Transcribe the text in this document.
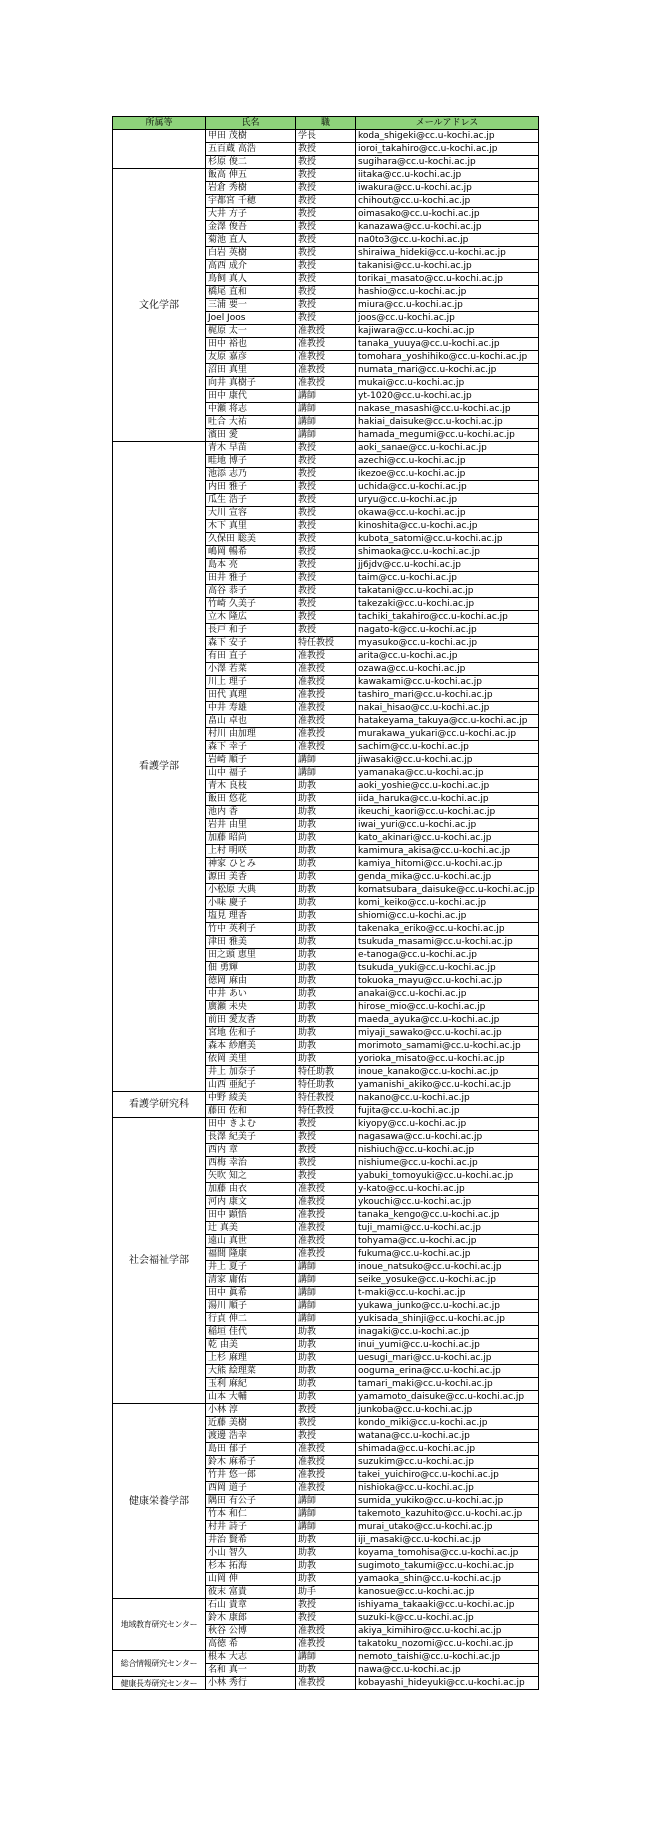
所属等	氏名	職	メールアドレス
	甲田 茂樹	学長	koda_shigeki@cc.u-kochi.ac.jp
	五百蔵 高浩	教授	ioroi_takahiro@cc.u-kochi.ac.jp
	杉原 俊二	教授	sugihara@cc.u-kochi.ac.jp
文化学部	飯高 伸五	教授	iitaka@cc.u-kochi.ac.jp
	岩倉 秀樹	教授	iwakura@cc.u-kochi.ac.jp
	宇都宮 千穂	教授	chihout@cc.u-kochi.ac.jp
	大井 方子	教授	oimasako@cc.u-kochi.ac.jp
	金澤 俊吾	教授	kanazawa@cc.u-kochi.ac.jp
	菊池 直人	教授	na0to3@cc.u-kochi.ac.jp
	白岩 英樹	教授	shiraiwa_hideki@cc.u-kochi.ac.jp
	高西 成介	教授	takanisi@cc.u-kochi.ac.jp
	鳥飼 真人	教授	torikai_masato@cc.u-kochi.ac.jp
	橋尾 直和	教授	hashio@cc.u-kochi.ac.jp
	三浦 要一	教授	miura@cc.u-kochi.ac.jp
	Joel Joos	教授	joos@cc.u-kochi.ac.jp
	梶原 太一	准教授	kajiwara@cc.u-kochi.ac.jp
	田中 裕也	准教授	tanaka_yuuya@cc.u-kochi.ac.jp
	友原 嘉彦	准教授	tomohara_yoshihiko@cc.u-kochi.ac.jp
	沼田 真里	准教授	numata_mari@cc.u-kochi.ac.jp
	向井 真樹子	准教授	mukai@cc.u-kochi.ac.jp
	田中 康代	講師	yt-1020@cc.u-kochi.ac.jp
	中瀬 将志	講師	nakase_masashi@cc.u-kochi.ac.jp
	吐合 大祐	講師	hakiai_daisuke@cc.u-kochi.ac.jp
	濱田 愛	講師	hamada_megumi@cc.u-kochi.ac.jp
看護学部	青木 早苗	教授	aoki_sanae@cc.u-kochi.ac.jp
	畦地 博子	教授	azechi@cc.u-kochi.ac.jp
	池添 志乃	教授	ikezoe@cc.u-kochi.ac.jp
	内田 雅子	教授	uchida@cc.u-kochi.ac.jp
	瓜生 浩子	教授	uryu@cc.u-kochi.ac.jp
	大川 宣容	教授	okawa@cc.u-kochi.ac.jp
	木下 真里	教授	kinoshita@cc.u-kochi.ac.jp
	久保田 聡美	教授	kubota_satomi@cc.u-kochi.ac.jp
	嶋岡 暢希	教授	shimaoka@cc.u-kochi.ac.jp
	島本 亮	教授	jj6jdv@cc.u-kochi.ac.jp
	田井 雅子	教授	taim@cc.u-kochi.ac.jp
	高谷 恭子	教授	takatani@cc.u-kochi.ac.jp
	竹崎 久美子	教授	takezaki@cc.u-kochi.ac.jp
	立木 隆広	教授	tachiki_takahiro@cc.u-kochi.ac.jp
	長戸 和子	教授	nagato-k@cc.u-kochi.ac.jp
	森下 安子	特任教授	myasuko@cc.u-kochi.ac.jp
	有田 直子	准教授	arita@cc.u-kochi.ac.jp
	小澤 若菜	准教授	ozawa@cc.u-kochi.ac.jp
	川上 理子	准教授	kawakami@cc.u-kochi.ac.jp
	田代 真理	准教授	tashiro_mari@cc.u-kochi.ac.jp
	中井 寿雄	准教授	nakai_hisao@cc.u-kochi.ac.jp
	畠山 卓也	准教授	hatakeyama_takuya@cc.u-kochi.ac.jp
	村川 由加理	准教授	murakawa_yukari@cc.u-kochi.ac.jp
	森下 幸子	准教授	sachim@cc.u-kochi.ac.jp
	岩崎 順子	講師	jiwasaki@cc.u-kochi.ac.jp
	山中 福子	講師	yamanaka@cc.u-kochi.ac.jp
	青木 良枝	助教	aoki_yoshie@cc.u-kochi.ac.jp
	飯田 悠花	助教	iida_haruka@cc.u-kochi.ac.jp
	池内 香	助教	ikeuchi_kaori@cc.u-kochi.ac.jp
	岩井 由里	助教	iwai_yuri@cc.u-kochi.ac.jp
	加藤 昭尚	助教	kato_akinari@cc.u-kochi.ac.jp
	上村 明咲	助教	kamimura_akisa@cc.u-kochi.ac.jp
	神家 ひとみ	助教	kamiya_hitomi@cc.u-kochi.ac.jp
	源田 美香	助教	genda_mika@cc.u-kochi.ac.jp
	小松原 大典	助教	komatsubara_daisuke@cc.u-kochi.ac.jp
	小味 慶子	助教	komi_keiko@cc.u-kochi.ac.jp
	塩見 理香	助教	shiomi@cc.u-kochi.ac.jp
	竹中 英利子	助教	takenaka_eriko@cc.u-kochi.ac.jp
	津田 雅美	助教	tsukuda_masami@cc.u-kochi.ac.jp
	田之頭 恵里	助教	e-tanoga@cc.u-kochi.ac.jp
	佃 勇輝	助教	tsukuda_yuki@cc.u-kochi.ac.jp
	徳岡 麻由	助教	tokuoka_mayu@cc.u-kochi.ac.jp
	中井 あい	助教	anakai@cc.u-kochi.ac.jp
	廣瀬 未央	助教	hirose_mio@cc.u-kochi.ac.jp
	前田 愛友香	助教	maeda_ayuka@cc.u-kochi.ac.jp
	宮地 佐和子	助教	miyaji_sawako@cc.u-kochi.ac.jp
	森本 紗磨美	助教	morimoto_samami@cc.u-kochi.ac.jp
	依岡 美里	助教	yorioka_misato@cc.u-kochi.ac.jp
	井上 加奈子	特任助教	inoue_kanako@cc.u-kochi.ac.jp
	山西 亜紀子	特任助教	yamanishi_akiko@cc.u-kochi.ac.jp
看護学研究科	中野 綾美	特任教授	nakano@cc.u-kochi.ac.jp
	藤田 佐和	特任教授	fujita@cc.u-kochi.ac.jp
社会福祉学部	田中 きよむ	教授	kiyopy@cc.u-kochi.ac.jp
	長澤 紀美子	教授	nagasawa@cc.u-kochi.ac.jp
	西内 章	教授	nishiuch@cc.u-kochi.ac.jp
	西梅 幸治	教授	nishiume@cc.u-kochi.ac.jp
	矢吹 知之	教授	yabuki_tomoyuki@cc.u-kochi.ac.jp
	加藤 由衣	准教授	y-kato@cc.u-kochi.ac.jp
	河内 康文	准教授	ykouchi@cc.u-kochi.ac.jp
	田中 顕悟	准教授	tanaka_kengo@cc.u-kochi.ac.jp
	辻 真美	准教授	tuji_mami@cc.u-kochi.ac.jp
	遠山 真世	准教授	tohyama@cc.u-kochi.ac.jp
	福間 隆康	准教授	fukuma@cc.u-kochi.ac.jp
	井上 夏子	講師	inoue_natsuko@cc.u-kochi.ac.jp
	清家 庸佑	講師	seike_yosuke@cc.u-kochi.ac.jp
	田中 眞希	講師	t-maki@cc.u-kochi.ac.jp
	湯川 順子	講師	yukawa_junko@cc.u-kochi.ac.jp
	行貞 伸二	講師	yukisada_shinji@cc.u-kochi.ac.jp
	稲垣 佳代	助教	inagaki@cc.u-kochi.ac.jp
	乾 由美	助教	inui_yumi@cc.u-kochi.ac.jp
	上杉 麻理	助教	uesugi_mari@cc.u-kochi.ac.jp
	大熊 絵理菜	助教	ooguma_erina@cc.u-kochi.ac.jp
	玉利 麻紀	助教	tamari_maki@cc.u-kochi.ac.jp
	山本 大輔	助教	yamamoto_daisuke@cc.u-kochi.ac.jp
健康栄養学部	小林 淳	教授	junkoba@cc.u-kochi.ac.jp
	近藤 美樹	教授	kondo_miki@cc.u-kochi.ac.jp
	渡邊 浩幸	教授	watana@cc.u-kochi.ac.jp
	島田 郁子	准教授	shimada@cc.u-kochi.ac.jp
	鈴木 麻希子	准教授	suzukim@cc.u-kochi.ac.jp
	竹井 悠一郎	准教授	takei_yuichiro@cc.u-kochi.ac.jp
	西岡 道子	准教授	nishioka@cc.u-kochi.ac.jp
	隅田 有公子	講師	sumida_yukiko@cc.u-kochi.ac.jp
	竹本 和仁	講師	takemoto_kazuhito@cc.u-kochi.ac.jp
	村井 詩子	講師	murai_utako@cc.u-kochi.ac.jp
	井治 賢希	助教	iji_masaki@cc.u-kochi.ac.jp
	小山 智久	助教	koyama_tomohisa@cc.u-kochi.ac.jp
	杉本 拓海	助教	sugimoto_takumi@cc.u-kochi.ac.jp
	山岡 伸	助教	yamaoka_shin@cc.u-kochi.ac.jp
	彼末 富貴	助手	kanosue@cc.u-kochi.ac.jp
地域教育研究センター	石山 貴章	教授	ishiyama_takaaki@cc.u-kochi.ac.jp
	鈴木 康郎	教授	suzuki-k@cc.u-kochi.ac.jp
	秋谷 公博	准教授	akiya_kimihiro@cc.u-kochi.ac.jp
	高徳 希	准教授	takatoku_nozomi@cc.u-kochi.ac.jp
総合情報研究センター	根本 大志	講師	nemoto_taishi@cc.u-kochi.ac.jp
	名和 真一	助教	nawa@cc.u-kochi.ac.jp
健康長寿研究センター	小林 秀行	准教授	kobayashi_hideyuki@cc.u-kochi.ac.jp
